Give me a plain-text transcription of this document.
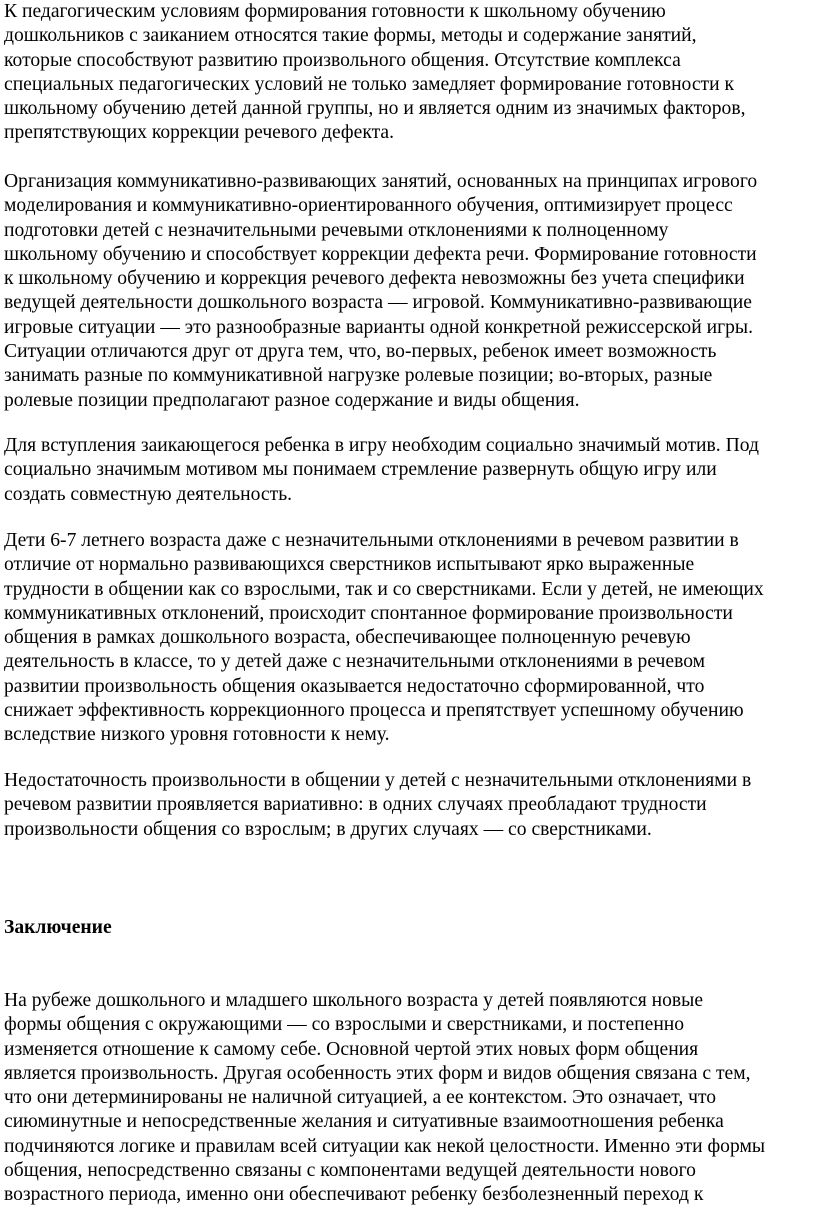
К педагогическим условиям формирования готовности к школьному обучению
дошкольников с заиканием относятся такие формы, методы и содержание занятий,
которые способствуют развитию произвольного общения. Отсутствие комплекса
специальных педагогических условий не только замедляет формирование готовности к
школьному обучению детей данной группы, но и является одним из значимых факторов,
препятствующих коррекции речевого дефекта.
Организация коммуникативно-развивающих занятий, основанных на принципах игрового
моделирования и коммуникативно-ориентированного обучения, оптимизирует процесс
подготовки детей с незначительными речевыми отклонениями к полноценному
школьному обучению и способствует коррекции дефекта речи. Формирование готовности
к школьному обучению и коррекция речевого дефекта невозможны без учета специфики
ведущей деятельности дошкольного возраста — игровой. Коммуникативно-развивающие
игровые ситуации — это разнообразные варианты одной конкретной режиссерской игры.
Ситуации отличаются друг от друга тем, что, во-первых, ребенок имеет возможность
занимать разные по коммуникативной нагрузке ролевые позиции; во-вторых, разные
ролевые позиции предполагают разное содержание и виды общения.
Для вступления заикающегося ребенка в игру необходим социально значимый мотив. Под
социально значимым мотивом мы понимаем стремление развернуть общую игру или
создать совместную деятельность.
Дети 6-7 летнего возраста даже с незначительными отклонениями в речевом развитии в
отличие от нормально развивающихся сверстников испытывают ярко выраженные
трудности в общении как со взрослыми, так и со сверстниками. Если у детей, не имеющих
коммуникативных отклонений, происходит спонтанное формирование произвольности
общения в рамках дошкольного возраста, обеспечивающее полноценную речевую
деятельность в классе, то у детей даже с незначительными отклонениями в речевом
развитии произвольность общения оказывается недостаточно сформированной, что
снижает эффективность коррекционного процесса и препятствует успешному обучению
вследствие низкого уровня готовности к нему.
Недостаточность произвольности в общении у детей с незначительными отклонениями в
речевом развитии проявляется вариативно: в одних случаях преобладают трудности
произвольности общения со взрослым; в других случаях — со сверстниками.
Заключение
На рубеже дошкольного и младшего школьного возраста у детей появляются новые
формы общения с окружающими — со взрослыми и сверстниками, и постепенно
изменяется отношение к самому себе. Основной чертой этих новых форм общения
является произвольность. Другая особенность этих форм и видов общения связана с тем,
что они детерминированы не наличной ситуацией, а ее контекстом. Это означает, что
сиюминутные и непосредственные желания и ситуативные взаимоотношения ребенка
подчиняются логике и правилам всей ситуации как некой целостности. Именно эти формы
общения, непосредственно связаны с компонентами ведущей деятельности нового
возрастного периода, именно они обеспечивают ребенку безболезненный переход к
